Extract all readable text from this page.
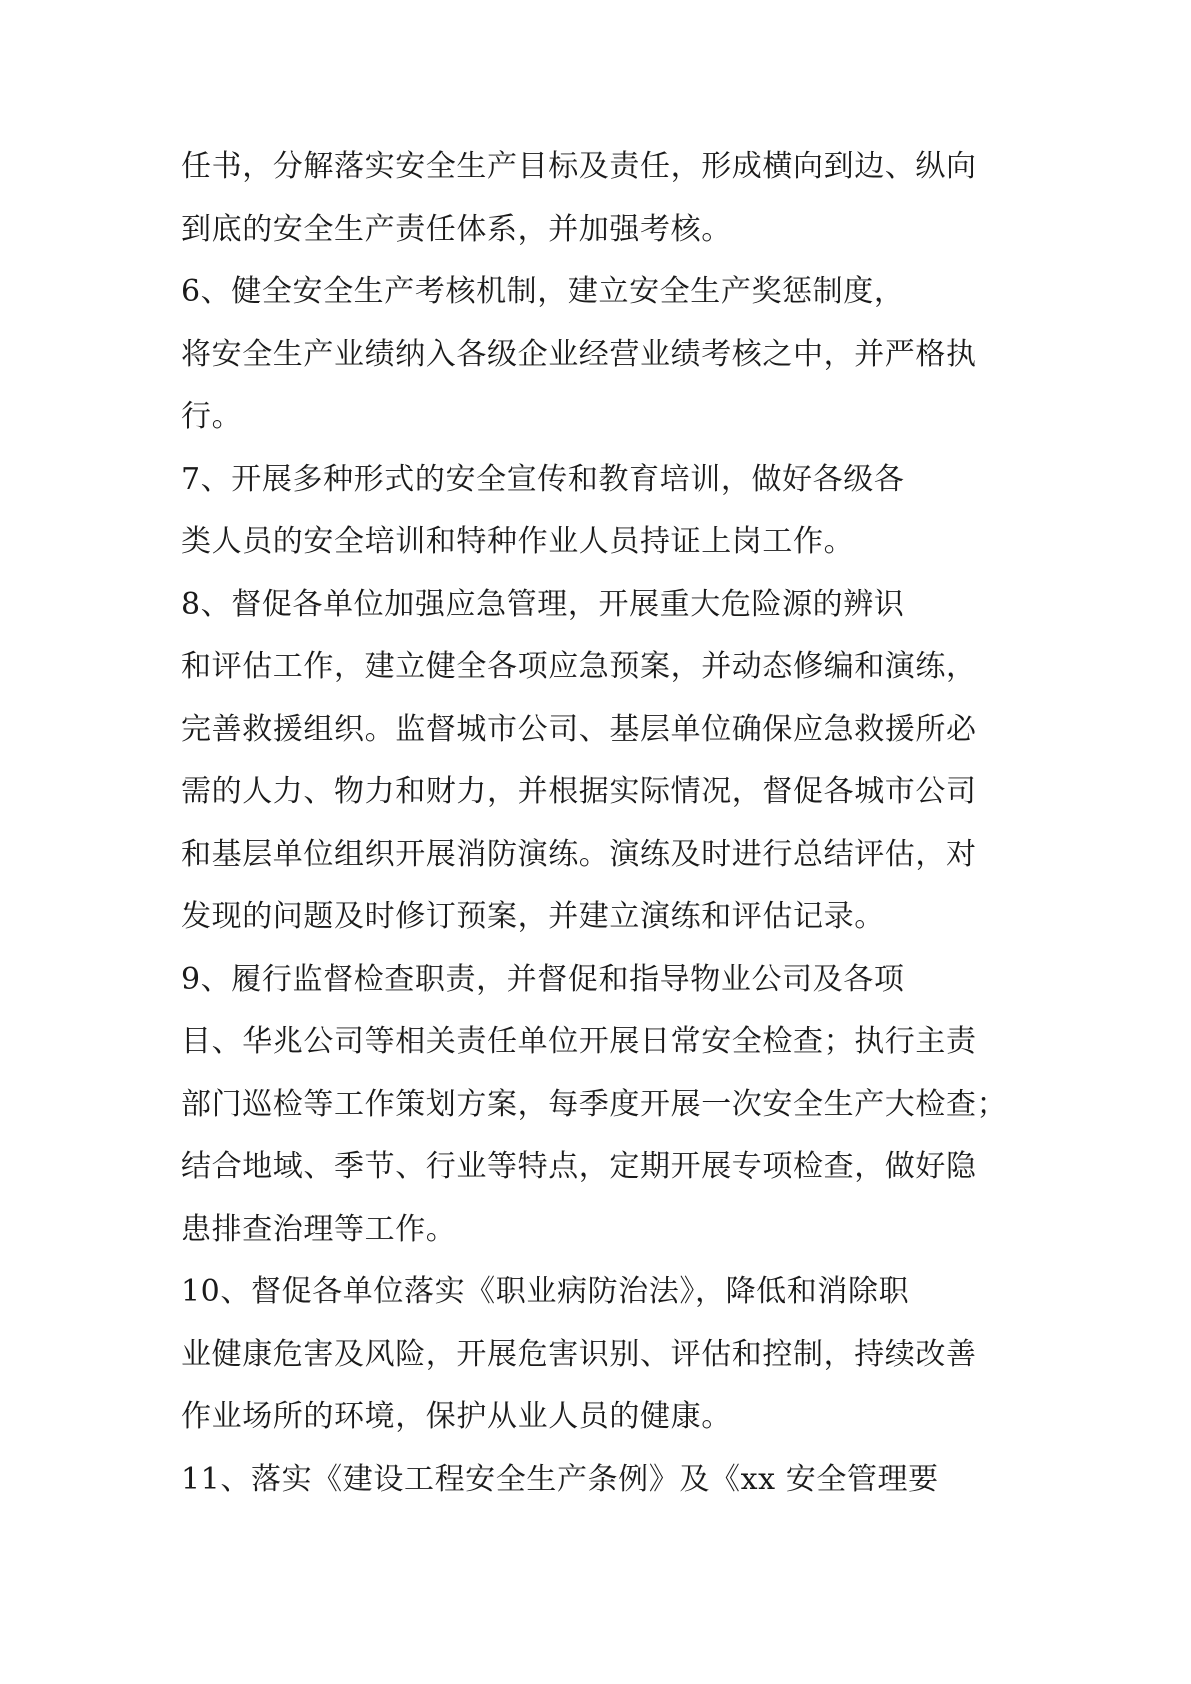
任书，分解落实安全生产目标及责任，形成横向到边、纵向
到底的安全生产责任体系，并加强考核。
6、健全安全生产考核机制，建立安全生产奖惩制度，
将安全生产业绩纳入各级企业经营业绩考核之中，并严格执
行。
7、开展多种形式的安全宣传和教育培训，做好各级各
类人员的安全培训和特种作业人员持证上岗工作。
8、督促各单位加强应急管理，开展重大危险源的辨识
和评估工作，建立健全各项应急预案，并动态修编和演练，
完善救援组织。监督城市公司、基层单位确保应急救援所必
需的人力、物力和财力，并根据实际情况，督促各城市公司
和基层单位组织开展消防演练。演练及时进行总结评估，对
发现的问题及时修订预案，并建立演练和评估记录。
9、履行监督检查职责，并督促和指导物业公司及各项
目、华兆公司等相关责任单位开展日常安全检查；执行主责
部门巡检等工作策划方案，每季度开展一次安全生产大检查；
结合地域、季节、行业等特点，定期开展专项检查，做好隐
患排查治理等工作。
10、督促各单位落实《职业病防治法》，降低和消除职
业健康危害及风险，开展危害识别、评估和控制，持续改善
作业场所的环境，保护从业人员的健康。
11、落实《建设工程安全生产条例》及《xx 安全管理要
